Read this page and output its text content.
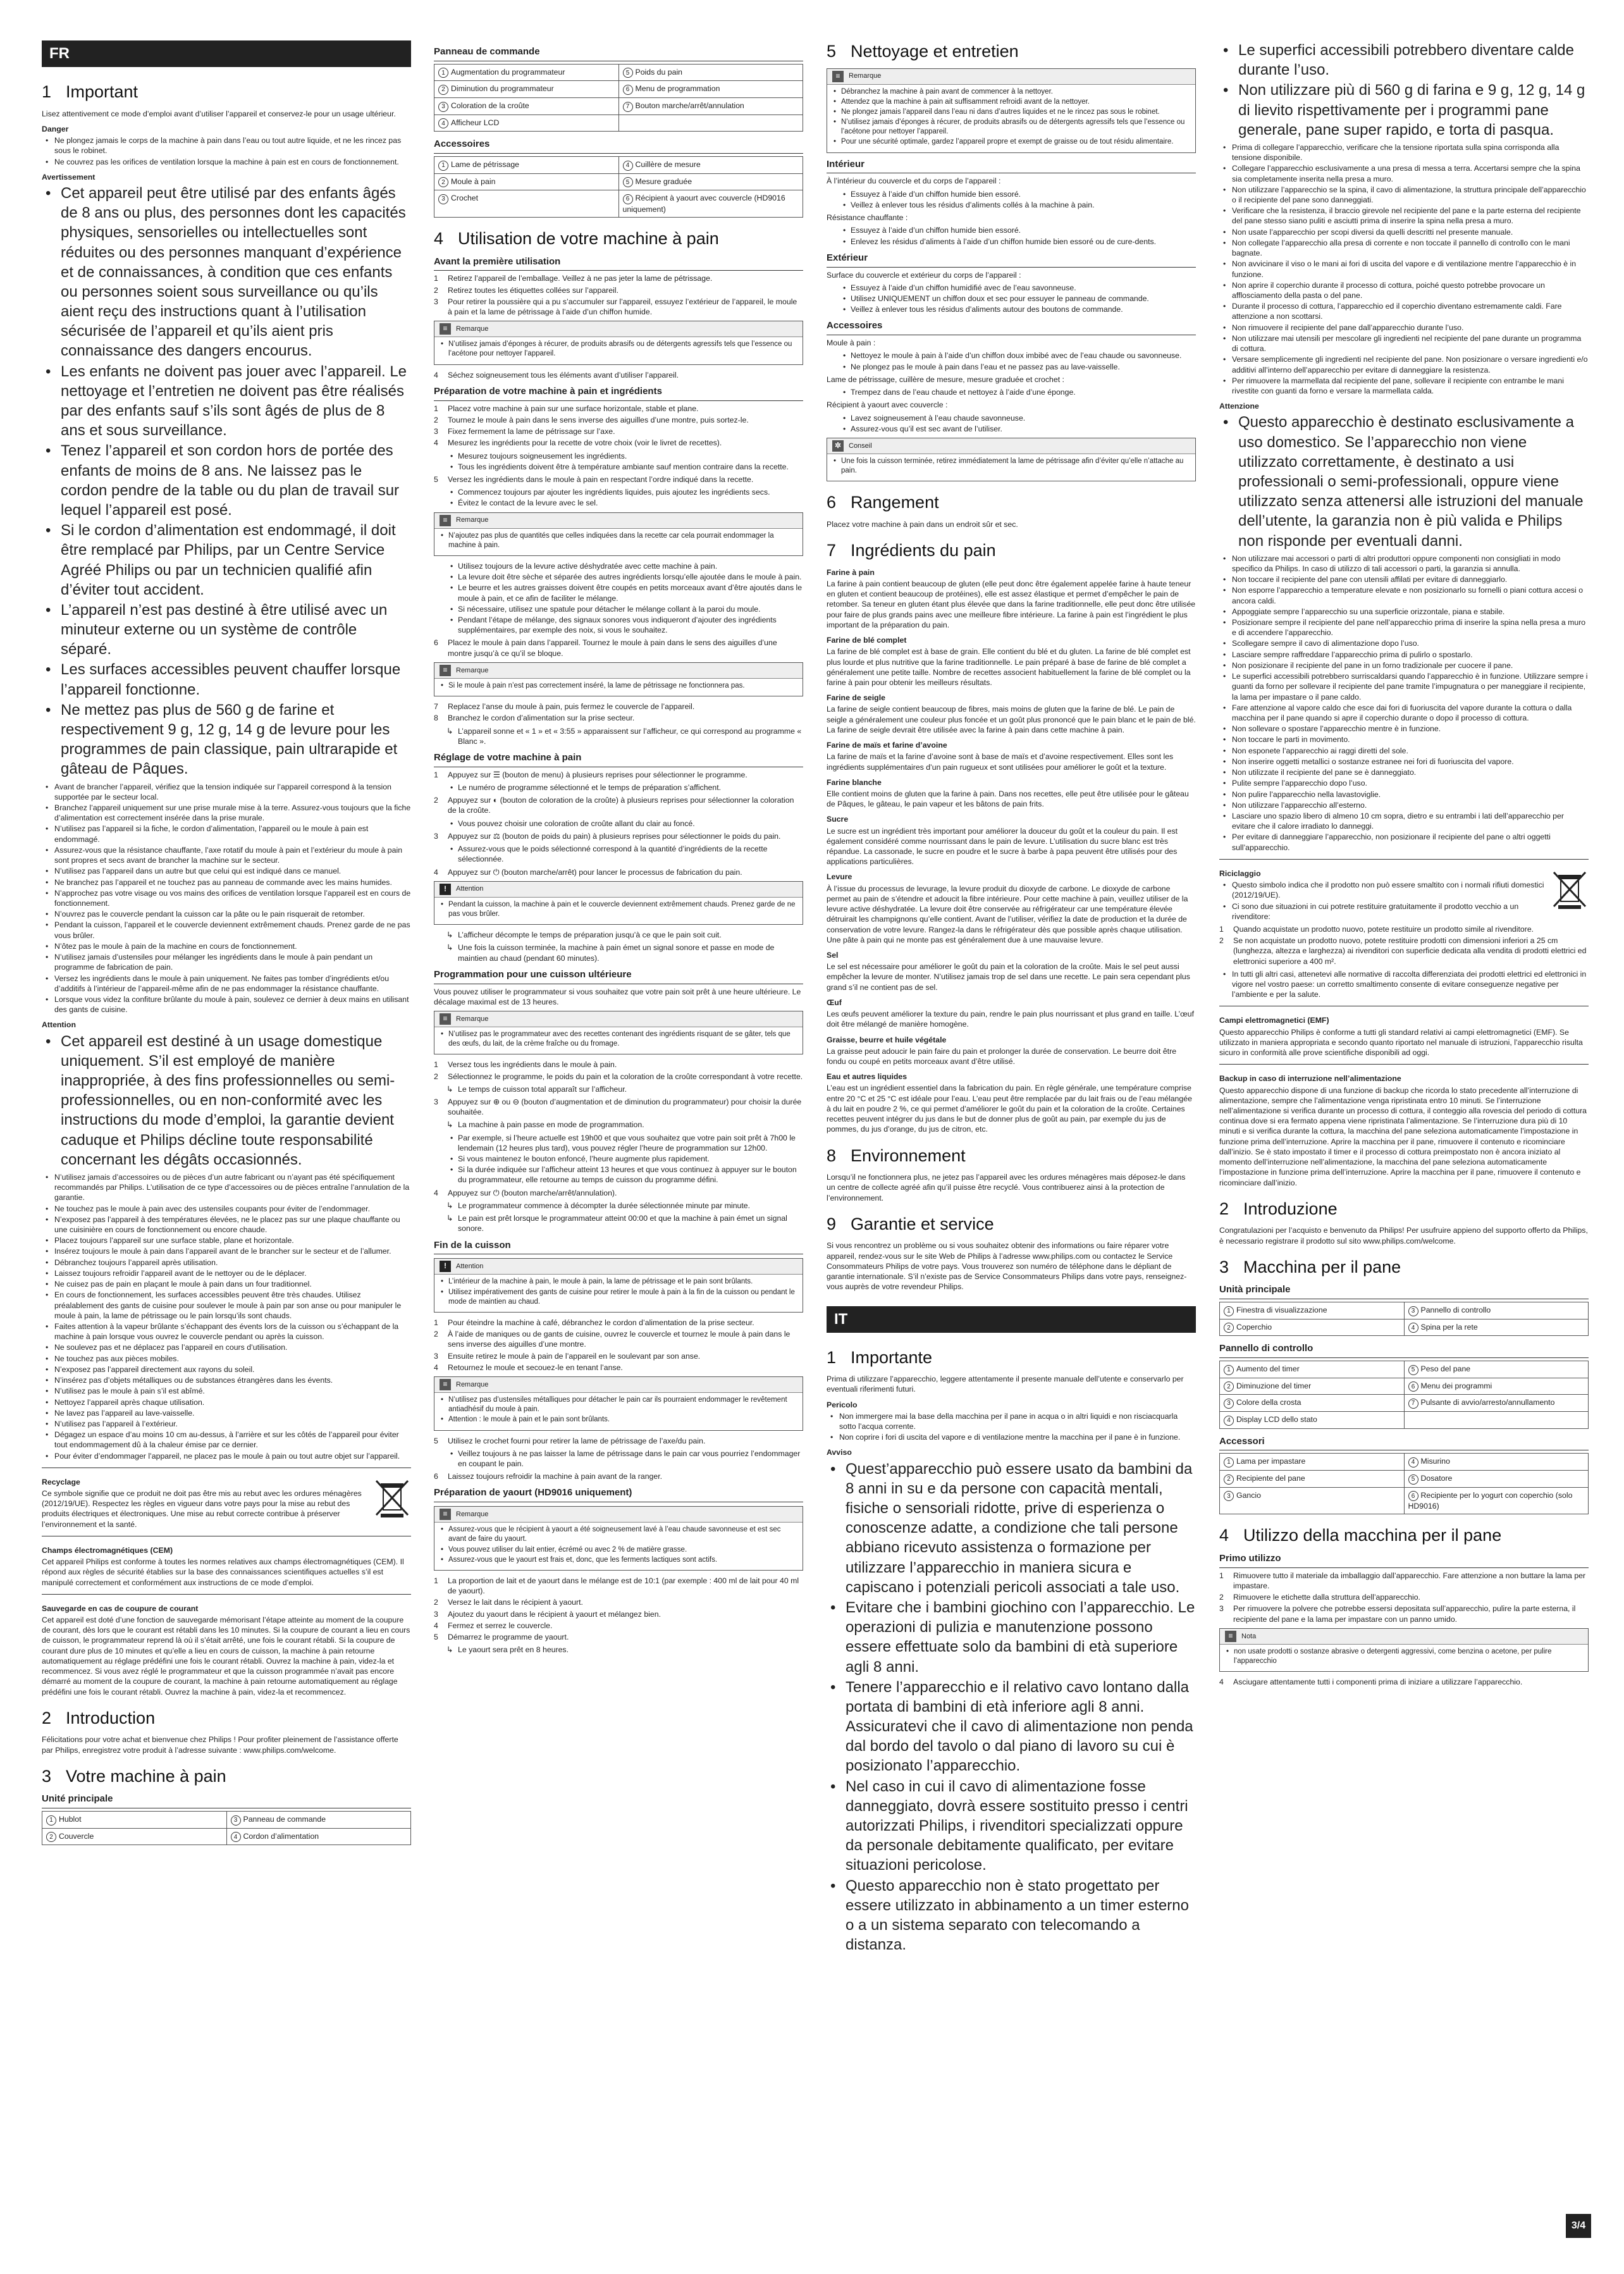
FR
1 Important

Lisez attentivement ce mode d’emploi avant d’utiliser l’appareil et conservez-le pour un usage ultérieur.

Danger
• Ne plongez jamais le corps de la machine à pain dans l’eau ou tout autre liquide, et ne les rincez pas sous le robinet.
• Ne couvrez pas les orifices de ventilation lorsque la machine à pain est en cours de fonctionnement.
Avertissement
• Cet appareil peut être utilisé par des enfants âgés de 8 ans ou plus, des personnes dont les capacités physiques, sensorielles ou intellectuelles sont réduites ou des personnes manquant d’expérience et de connaissances, à condition que ces enfants ou personnes soient sous surveillance ou qu’ils aient reçu des instructions quant à l’utilisation sécurisée de l’appareil et qu’ils aient pris connaissance des dangers encourus.
• Les enfants ne doivent pas jouer avec l’appareil. Le nettoyage et l’entretien ne doivent pas être réalisés par des enfants sauf s’ils sont âgés de plus de 8 ans et sous surveillance.
• Tenez l’appareil et son cordon hors de portée des enfants de moins de 8 ans. Ne laissez pas le cordon pendre de la table ou du plan de travail sur lequel l’appareil est posé.
• Si le cordon d’alimentation est endommagé, il doit être remplacé par Philips, par un Centre Service Agréé Philips ou par un technicien qualifié afin d’éviter tout accident.
• L’appareil n’est pas destiné à être utilisé avec un minuteur externe ou un système de contrôle séparé.
• Les surfaces accessibles peuvent chauffer lorsque l’appareil fonctionne.
• Ne mettez pas plus de 560 g de farine et respectivement 9 g, 12 g, 14 g de levure pour les programmes de pain classique, pain ultrarapide et gâteau de Pâques.
• Avant de brancher l’appareil, vérifiez que la tension indiquée sur l’appareil correspond à la tension supportée par le secteur local.
• Branchez l’appareil uniquement sur une prise murale mise à la terre. Assurez-vous toujours que la fiche d’alimentation est correctement insérée dans la prise murale.
• N’utilisez pas l’appareil si la fiche, le cordon d’alimentation, l’appareil ou le moule à pain est endommagé.
• Assurez-vous que la résistance chauffante, l’axe rotatif du moule à pain et l’extérieur du moule à pain sont propres et secs avant de brancher la machine sur le secteur.
• N’utilisez pas l’appareil dans un autre but que celui qui est indiqué dans ce manuel.
• Ne branchez pas l’appareil et ne touchez pas au panneau de commande avec les mains humides.
• N’approchez pas votre visage ou vos mains des orifices de ventilation lorsque l’appareil est en cours de fonctionnement.
• N’ouvrez pas le couvercle pendant la cuisson car la pâte ou le pain risquerait de retomber.
• Pendant la cuisson, l’appareil et le couvercle deviennent extrêmement chauds. Prenez garde de ne pas vous brûler.
• N’ôtez pas le moule à pain de la machine en cours de fonctionnement.
• N’utilisez jamais d’ustensiles pour mélanger les ingrédients dans le moule à pain pendant un programme de fabrication de pain.
• Versez les ingrédients dans le moule à pain uniquement. Ne faites pas tomber d’ingrédients et/ou d’additifs à l’intérieur de l’appareil-même afin de ne pas endommager la résistance chauffante.
• Lorsque vous videz la confiture brûlante du moule à pain, soulevez ce dernier à deux mains en utilisant des gants de cuisine.
Attention
• Cet appareil est destiné à un usage domestique uniquement. S’il est employé de manière inappropriée, à des fins professionnelles ou semi-professionnelles, ou en non-conformité avec les instructions du mode d’emploi, la garantie devient caduque et Philips décline toute responsabilité concernant les dégâts occasionnés.
• N’utilisez jamais d’accessoires ou de pièces d’un autre fabricant ou n’ayant pas été spécifiquement recommandés par Philips. L’utilisation de ce type d’accessoires ou de pièces entraîne l’annulation de la garantie.
• Ne touchez pas le moule à pain avec des ustensiles coupants pour éviter de l’endommager.
• N’exposez pas l’appareil à des températures élevées, ne le placez pas sur une plaque chauffante ou une cuisinière en cours de fonctionnement ou encore chaude.
• Placez toujours l’appareil sur une surface stable, plane et horizontale.
• Insérez toujours le moule à pain dans l’appareil avant de le brancher sur le secteur et de l’allumer.
• Débranchez toujours l’appareil après utilisation.
• Laissez toujours refroidir l’appareil avant de le nettoyer ou de le déplacer.
• Ne cuisez pas de pain en plaçant le moule à pain dans un four traditionnel.
• En cours de fonctionnement, les surfaces accessibles peuvent être très chaudes. Utilisez préalablement des gants de cuisine pour soulever le moule à pain par son anse ou pour manipuler le moule à pain, la lame de pétrissage ou le pain lorsqu’ils sont chauds.
• Faites attention à la vapeur brûlante s’échappant des évents lors de la cuisson ou s’échappant de la machine à pain lorsque vous ouvrez le couvercle pendant ou après la cuisson.
• Ne soulevez pas et ne déplacez pas l’appareil en cours d’utilisation.
• Ne touchez pas aux pièces mobiles.
• N’exposez pas l’appareil directement aux rayons du soleil.
• N’insérez pas d’objets métalliques ou de substances étrangères dans les évents.
• N’utilisez pas le moule à pain s’il est abîmé.
• Nettoyez l’appareil après chaque utilisation.
• Ne lavez pas l’appareil au lave-vaisselle.
• N’utilisez pas l’appareil à l’extérieur.
• Dégagez un espace d’au moins 10 cm au-dessus, à l’arrière et sur les côtés de l’appareil pour éviter tout endommagement dû à la chaleur émise par ce dernier.
• Pour éviter d’endommager l’appareil, ne placez pas le moule à pain ou tout autre objet sur l’appareil.
Recyclage

Ce symbole signifie que ce produit ne doit pas être mis au rebut avec les ordures ménagères (2012/19/UE). Respectez les règles en vigueur dans votre pays pour la mise au rebut des produits électriques et électroniques. Une mise au rebut correcte contribue à préserver l’environnement et la santé.

Champs électromagnétiques (CEM)

Cet appareil Philips est conforme à toutes les normes relatives aux champs électromagnétiques (CEM). Il répond aux règles de sécurité établies sur la base des connaissances scientifiques actuelles s’il est manipulé correctement et conformément aux instructions de ce mode d’emploi.

Sauvegarde en cas de coupure de courant

Cet appareil est doté d’une fonction de sauvegarde mémorisant l’étape atteinte au moment de la coupure de courant, dès lors que le courant est rétabli dans les 10 minutes. Si la coupure de courant a lieu en cours de cuisson, le programmateur reprend là où il s’était arrêté, une fois le courant rétabli. Si la coupure de courant dure plus de 10 minutes et qu’elle a lieu en cours de cuisson, la machine à pain retourne automatiquement au réglage prédéfini une fois le courant rétabli. Ouvrez la machine à pain, videz-la et recommencez. Si vous avez réglé le programmateur et que la cuisson programmée n’avait pas encore démarré au moment de la coupure de courant, la machine à pain retourne automatiquement au réglage prédéfini une fois le courant rétabli. Ouvrez la machine à pain, videz-la et recommencez.

2 Introduction

Félicitations pour votre achat et bienvenue chez Philips ! Pour profiter pleinement de l’assistance offerte par Philips, enregistrez votre produit à l’adresse suivante : www.philips.com/welcome.

3 Votre machine à pain
Unité principale
1 Hublot	3 Panneau de commande
2 Couvercle	4 Cordon d’alimentation
Panneau de commande
1 Augmentation du programmateur	5 Poids du pain
2 Diminution du programmateur	6 Menu de programmation
3 Coloration de la croûte	7 Bouton marche/arrêt/annulation
4 Afficheur LCD	
Accessoires
1 Lame de pétrissage	4 Cuillère de mesure
2 Moule à pain	5 Mesure graduée
3 Crochet	6 Récipient à yaourt avec couvercle (HD9016 uniquement)
4 Utilisation de votre machine à pain
Avant la première utilisation
1 Retirez l’appareil de l’emballage. Veillez à ne pas jeter la lame de pétrissage.
2 Retirez toutes les étiquettes collées sur l’appareil.
3 Pour retirer la poussière qui a pu s’accumuler sur l’appareil, essuyez l’extérieur de l’appareil, le moule à pain et la lame de pétrissage à l’aide d’un chiffon humide.
≡	Remarque
• N’utilisez jamais d’éponges à récurer, de produits abrasifs ou de détergents agressifs tels que l’essence ou l’acétone pour nettoyer l’appareil.
4 Séchez soigneusement tous les éléments avant d’utiliser l’appareil.
Préparation de votre machine à pain et ingrédients
1 Placez votre machine à pain sur une surface horizontale, stable et plane.
2 Tournez le moule à pain dans le sens inverse des aiguilles d’une montre, puis sortez-le.
3 Fixez fermement la lame de pétrissage sur l’axe.
4 Mesurez les ingrédients pour la recette de votre choix (voir le livret de recettes).
• Mesurez toujours soigneusement les ingrédients.
• Tous les ingrédients doivent être à température ambiante sauf mention contraire dans la recette.
5 Versez les ingrédients dans le moule à pain en respectant l’ordre indiqué dans la recette.
• Commencez toujours par ajouter les ingrédients liquides, puis ajoutez les ingrédients secs.
• Évitez le contact de la levure avec le sel.
≡	Remarque
• N’ajoutez pas plus de quantités que celles indiquées dans la recette car cela pourrait endommager la machine à pain.
• Utilisez toujours de la levure active déshydratée avec cette machine à pain.
• La levure doit être sèche et séparée des autres ingrédients lorsqu’elle ajoutée dans le moule à pain.
• Le beurre et les autres graisses doivent être coupés en petits morceaux avant d’être ajoutés dans le moule à pain, et ce afin de faciliter le mélange.
• Si nécessaire, utilisez une spatule pour détacher le mélange collant à la paroi du moule.
• Pendant l’étape de mélange, des signaux sonores vous indiqueront d’ajouter des ingrédients supplémentaires, par exemple des noix, si vous le souhaitez.
6 Placez le moule à pain dans l’appareil. Tournez le moule à pain dans le sens des aiguilles d’une montre jusqu’à ce qu’il se bloque.
≡	Remarque
• Si le moule à pain n’est pas correctement inséré, la lame de pétrissage ne fonctionnera pas.
7 Replacez l’anse du moule à pain, puis fermez le couvercle de l’appareil.
8 Branchez le cordon d’alimentation sur la prise secteur.

↳ L’appareil sonne et « 1 » et « 3:55 » apparaissent sur l’afficheur, ce qui correspond au programme « Blanc ».

Réglage de votre machine à pain
1 Appuyez sur ☰ (bouton de menu) à plusieurs reprises pour sélectionner le programme.
• Le numéro de programme sélectionné et le temps de préparation s’affichent.
2 Appuyez sur ◐ (bouton de coloration de la croûte) à plusieurs reprises pour sélectionner la coloration de la croûte.
• Vous pouvez choisir une coloration de croûte allant du clair au foncé.
3 Appuyez sur ⚖ (bouton de poids du pain) à plusieurs reprises pour sélectionner le poids du pain.
• Assurez-vous que le poids sélectionné correspond à la quantité d’ingrédients de la recette sélectionnée.
4 Appuyez sur ⏻ (bouton marche/arrêt) pour lancer le processus de fabrication du pain.
!	Attention
• Pendant la cuisson, la machine à pain et le couvercle deviennent extrêmement chauds. Prenez garde de ne pas vous brûler.

↳ L’afficheur décompte le temps de préparation jusqu’à ce que le pain soit cuit.

↳ Une fois la cuisson terminée, la machine à pain émet un signal sonore et passe en mode de maintien au chaud (pendant 60 minutes).

Programmation pour une cuisson ultérieure

Vous pouvez utiliser le programmateur si vous souhaitez que votre pain soit prêt à une heure ultérieure. Le décalage maximal est de 13 heures.

≡	Remarque
• N’utilisez pas le programmateur avec des recettes contenant des ingrédients risquant de se gâter, tels que des œufs, du lait, de la crème fraîche ou du fromage.
1 Versez tous les ingrédients dans le moule à pain.
2 Sélectionnez le programme, le poids du pain et la coloration de la croûte correspondant à votre recette.

↳ Le temps de cuisson total apparaît sur l’afficheur.

3 Appuyez sur ⊕ ou ⊖ (bouton d’augmentation et de diminution du programmateur) pour choisir la durée souhaitée.

↳ La machine à pain passe en mode de programmation.

• Par exemple, si l’heure actuelle est 19h00 et que vous souhaitez que votre pain soit prêt à 7h00 le lendemain (12 heures plus tard), vous pouvez régler l’heure de programmation sur 12h00.
• Si vous maintenez le bouton enfoncé, l’heure augmente plus rapidement.
• Si la durée indiquée sur l’afficheur atteint 13 heures et que vous continuez à appuyer sur le bouton du programmateur, elle retourne au temps de cuisson du programme défini.
4 Appuyez sur ⏻ (bouton marche/arrêt/annulation).

↳ Le programmateur commence à décompter la durée sélectionnée minute par minute.

↳ Le pain est prêt lorsque le programmateur atteint 00:00 et que la machine à pain émet un signal sonore.

Fin de la cuisson
!	Attention
• L’intérieur de la machine à pain, le moule à pain, la lame de pétrissage et le pain sont brûlants.
• Utilisez impérativement des gants de cuisine pour retirer le moule à pain à la fin de la cuisson ou pendant le mode de maintien au chaud.
1 Pour éteindre la machine à café, débranchez le cordon d’alimentation de la prise secteur.
2 À l’aide de maniques ou de gants de cuisine, ouvrez le couvercle et tournez le moule à pain dans le sens inverse des aiguilles d’une montre.
3 Ensuite retirez le moule à pain de l’appareil en le soulevant par son anse.
4 Retournez le moule et secouez-le en tenant l’anse.
≡	Remarque
• N’utilisez pas d’ustensiles métalliques pour détacher le pain car ils pourraient endommager le revêtement antiadhésif du moule à pain.
• Attention : le moule à pain et le pain sont brûlants.
5 Utilisez le crochet fourni pour retirer la lame de pétrissage de l’axe/du pain.
• Veillez toujours à ne pas laisser la lame de pétrissage dans le pain car vous pourriez l’endommager en coupant le pain.
6 Laissez toujours refroidir la machine à pain avant de la ranger.
Préparation de yaourt (HD9016 uniquement)
≡	Remarque
• Assurez-vous que le récipient à yaourt a été soigneusement lavé à l’eau chaude savonneuse et est sec avant de faire du yaourt.
• Vous pouvez utiliser du lait entier, écrémé ou avec 2 % de matière grasse.
• Assurez-vous que le yaourt est frais et, donc, que les ferments lactiques sont actifs.
1 La proportion de lait et de yaourt dans le mélange est de 10:1 (par exemple : 400 ml de lait pour 40 ml de yaourt).
2 Versez le lait dans le récipient à yaourt.
3 Ajoutez du yaourt dans le récipient à yaourt et mélangez bien.
4 Fermez et serrez le couvercle.
5 Démarrez le programme de yaourt.

↳ Le yaourt sera prêt en 8 heures.

5 Nettoyage et entretien
≡	Remarque
• Débranchez la machine à pain avant de commencer à la nettoyer.
• Attendez que la machine à pain ait suffisamment refroidi avant de la nettoyer.
• Ne plongez jamais l’appareil dans l’eau ni dans d’autres liquides et ne le rincez pas sous le robinet.
• N’utilisez jamais d’éponges à récurer, de produits abrasifs ou de détergents agressifs tels que l’essence ou l’acétone pour nettoyer l’appareil.
• Pour une sécurité optimale, gardez l’appareil propre et exempt de graisse ou de tout résidu alimentaire.
Intérieur

À l’intérieur du couvercle et du corps de l’appareil :

• Essuyez à l’aide d’un chiffon humide bien essoré.
• Veillez à enlever tous les résidus d’aliments collés à la machine à pain.

Résistance chauffante :

• Essuyez à l’aide d’un chiffon humide bien essoré.
• Enlevez les résidus d’aliments à l’aide d’un chiffon humide bien essoré ou de cure-dents.
Extérieur

Surface du couvercle et extérieur du corps de l’appareil :

• Essuyez à l’aide d’un chiffon humidifié avec de l’eau savonneuse.
• Utilisez UNIQUEMENT un chiffon doux et sec pour essuyer le panneau de commande.
• Veillez à enlever tous les résidus d’aliments autour des boutons de commande.
Accessoires

Moule à pain :

• Nettoyez le moule à pain à l’aide d’un chiffon doux imbibé avec de l’eau chaude ou savonneuse.
• Ne plongez pas le moule à pain dans l’eau et ne passez pas au lave-vaisselle.

Lame de pétrissage, cuillère de mesure, mesure graduée et crochet :

• Trempez dans de l’eau chaude et nettoyez à l’aide d’une éponge.

Récipient à yaourt avec couvercle :

• Lavez soigneusement à l’eau chaude savonneuse.
• Assurez-vous qu’il est sec avant de l’utiliser.
✲	Conseil
• Une fois la cuisson terminée, retirez immédiatement la lame de pétrissage afin d’éviter qu’elle n’attache au pain.
6 Rangement

Placez votre machine à pain dans un endroit sûr et sec.

7 Ingrédients du pain
Farine à pain

La farine à pain contient beaucoup de gluten (elle peut donc être également appelée farine à haute teneur en gluten et contient beaucoup de protéines), elle est assez élastique et permet d’empêcher le pain de retomber. Sa teneur en gluten étant plus élevée que dans la farine traditionnelle, elle peut donc être utilisée pour faire de plus grands pains avec une meilleure fibre intérieure. La farine à pain est l’ingrédient le plus important de la préparation du pain.

Farine de blé complet

La farine de blé complet est à base de grain. Elle contient du blé et du gluten. La farine de blé complet est plus lourde et plus nutritive que la farine traditionnelle. Le pain préparé à base de farine de blé complet a généralement une petite taille. Nombre de recettes associent habituellement la farine de blé complet ou la farine à pain pour obtenir les meilleurs résultats.

Farine de seigle

La farine de seigle contient beaucoup de fibres, mais moins de gluten que la farine de blé. Le pain de seigle a généralement une couleur plus foncée et un goût plus prononcé que le pain blanc et le pain de blé. La farine de seigle devrait être utilisée avec la farine à pain dans cette machine à pain.

Farine de maïs et farine d’avoine

La farine de maïs et la farine d’avoine sont à base de maïs et d’avoine respectivement. Elles sont les ingrédients supplémentaires d’un pain rugueux et sont utilisées pour améliorer le goût et la texture.

Farine blanche

Elle contient moins de gluten que la farine à pain. Dans nos recettes, elle peut être utilisée pour le gâteau de Pâques, le gâteau, le pain vapeur et les bâtons de pain frits.

Sucre

Le sucre est un ingrédient très important pour améliorer la douceur du goût et la couleur du pain. Il est également considéré comme nourrissant dans le pain de levure. L’utilisation du sucre blanc est très répandue. La cassonade, le sucre en poudre et le sucre à barbe à papa peuvent être utilisés pour des applications particulières.

Levure

À l’issue du processus de levurage, la levure produit du dioxyde de carbone. Le dioxyde de carbone permet au pain de s’étendre et adoucit la fibre intérieure. Pour cette machine à pain, veuillez utiliser de la levure active déshydratée. La levure doit être conservée au réfrigérateur car une température élevée détruirait les champignons qu’elle contient. Avant de l’utiliser, vérifiez la date de production et la durée de conservation de votre levure. Rangez-la dans le réfrigérateur dès que possible après chaque utilisation. Une pâte à pain qui ne monte pas est généralement due à une mauvaise levure.

Sel

Le sel est nécessaire pour améliorer le goût du pain et la coloration de la croûte. Mais le sel peut aussi empêcher la levure de monter. N’utilisez jamais trop de sel dans une recette. Le pain sera cependant plus grand s’il ne contient pas de sel.

Œuf

Les œufs peuvent améliorer la texture du pain, rendre le pain plus nourrissant et plus grand en taille. L’œuf doit être mélangé de manière homogène.

Graisse, beurre et huile végétale

La graisse peut adoucir le pain faire du pain et prolonger la durée de conservation. Le beurre doit être fondu ou coupé en petits morceaux avant d’être utilisé.

Eau et autres liquides

L’eau est un ingrédient essentiel dans la fabrication du pain. En règle générale, une température comprise entre 20 °C et 25 °C est idéale pour l’eau. L’eau peut être remplacée par du lait frais ou de l’eau mélangée à du lait en poudre 2 %, ce qui permet d’améliorer le goût du pain et la coloration de la croûte. Certaines recettes peuvent intégrer du jus dans le but de donner plus de goût au pain, par exemple du jus de pommes, du jus d’orange, du jus de citron, etc.

8 Environnement

Lorsqu’il ne fonctionnera plus, ne jetez pas l’appareil avec les ordures ménagères mais déposez-le dans un centre de collecte agréé afin qu’il puisse être recyclé. Vous contribuerez ainsi à la protection de l’environnement.

9 Garantie et service

Si vous rencontrez un problème ou si vous souhaitez obtenir des informations ou faire réparer votre appareil, rendez-vous sur le site Web de Philips à l’adresse www.philips.com ou contactez le Service Consommateurs Philips de votre pays. Vous trouverez son numéro de téléphone dans le dépliant de garantie internationale. S’il n’existe pas de Service Consommateurs Philips dans votre pays, renseignez-vous auprès de votre revendeur Philips.

IT
1 Importante

Prima di utilizzare l’apparecchio, leggere attentamente il presente manuale dell’utente e conservarlo per eventuali riferimenti futuri.

Pericolo
• Non immergere mai la base della macchina per il pane in acqua o in altri liquidi e non risciacquarla sotto l’acqua corrente.
• Non coprire i fori di uscita del vapore e di ventilazione mentre la macchina per il pane è in funzione.
Avviso
• Quest’apparecchio può essere usato da bambini da 8 anni in su e da persone con capacità mentali, fisiche o sensoriali ridotte, prive di esperienza o conoscenze adatte, a condizione che tali persone abbiano ricevuto assistenza o formazione per utilizzare l’apparecchio in maniera sicura e capiscano i potenziali pericoli associati a tale uso.
• Evitare che i bambini giochino con l’apparecchio. Le operazioni di pulizia e manutenzione possono essere effettuate solo da bambini di età superiore agli 8 anni.
• Tenere l’apparecchio e il relativo cavo lontano dalla portata di bambini di età inferiore agli 8 anni. Assicuratevi che il cavo di alimentazione non penda dal bordo del tavolo o dal piano di lavoro su cui è posizionato l’apparecchio.
• Nel caso in cui il cavo di alimentazione fosse danneggiato, dovrà essere sostituito presso i centri autorizzati Philips, i rivenditori specializzati oppure da personale debitamente qualificato, per evitare situazioni pericolose.
• Questo apparecchio non è stato progettato per essere utilizzato in abbinamento a un timer esterno o a un sistema separato con telecomando a distanza.
• Le superfici accessibili potrebbero diventare calde durante l’uso.
• Non utilizzare più di 560 g di farina e 9 g, 12 g, 14 g di lievito rispettivamente per i programmi pane generale, pane super rapido, e torta di pasqua.
• Prima di collegare l’apparecchio, verificare che la tensione riportata sulla spina corrisponda alla tensione disponibile.
• Collegare l’apparecchio esclusivamente a una presa di messa a terra. Accertarsi sempre che la spina sia completamente inserita nella presa a muro.
• Non utilizzare l’apparecchio se la spina, il cavo di alimentazione, la struttura principale dell’apparecchio o il recipiente del pane sono danneggiati.
• Verificare che la resistenza, il braccio girevole nel recipiente del pane e la parte esterna del recipiente del pane stesso siano puliti e asciutti prima di inserire la spina nella presa a muro.
• Non usate l’apparecchio per scopi diversi da quelli descritti nel presente manuale.
• Non collegate l’apparecchio alla presa di corrente e non toccate il pannello di controllo con le mani bagnate.
• Non avvicinare il viso o le mani ai fori di uscita del vapore e di ventilazione mentre l’apparecchio è in funzione.
• Non aprire il coperchio durante il processo di cottura, poiché questo potrebbe provocare un afflosciamento della pasta o del pane.
• Durante il processo di cottura, l’apparecchio ed il coperchio diventano estremamente caldi. Fare attenzione a non scottarsi.
• Non rimuovere il recipiente del pane dall’apparecchio durante l’uso.
• Non utilizzare mai utensili per mescolare gli ingredienti nel recipiente del pane durante un programma di cottura.
• Versare semplicemente gli ingredienti nel recipiente del pane. Non posizionare o versare ingredienti e/o additivi all’interno dell’apparecchio per evitare di danneggiare la resistenza.
• Per rimuovere la marmellata dal recipiente del pane, sollevare il recipiente con entrambe le mani rivestite con guanti da forno e versare la marmellata calda.
Attenzione
• Questo apparecchio è destinato esclusivamente a uso domestico. Se l’apparecchio non viene utilizzato correttamente, è destinato a usi professionali o semi-professionali, oppure viene utilizzato senza attenersi alle istruzioni del manuale dell’utente, la garanzia non è più valida e Philips non risponde per eventuali danni.
• Non utilizzare mai accessori o parti di altri produttori oppure componenti non consigliati in modo specifico da Philips. In caso di utilizzo di tali accessori o parti, la garanzia si annulla.
• Non toccare il recipiente del pane con utensili affilati per evitare di danneggiarlo.
• Non esporre l’apparecchio a temperature elevate e non posizionarlo su fornelli o piani cottura accesi o ancora caldi.
• Appoggiate sempre l’apparecchio su una superficie orizzontale, piana e stabile.
• Posizionare sempre il recipiente del pane nell’apparecchio prima di inserire la spina nella presa a muro e di accendere l’apparecchio.
• Scollegare sempre il cavo di alimentazione dopo l’uso.
• Lasciare sempre raffreddare l’apparecchio prima di pulirlo o spostarlo.
• Non posizionare il recipiente del pane in un forno tradizionale per cuocere il pane.
• Le superfici accessibili potrebbero surriscaldarsi quando l’apparecchio è in funzione. Utilizzare sempre i guanti da forno per sollevare il recipiente del pane tramite l’impugnatura o per maneggiare il recipiente, la lama per impastare o il pane caldo.
• Fare attenzione al vapore caldo che esce dai fori di fuoriuscita del vapore durante la cottura o dalla macchina per il pane quando si apre il coperchio durante o dopo il processo di cottura.
• Non sollevare o spostare l’apparecchio mentre è in funzione.
• Non toccare le parti in movimento.
• Non esponete l’apparecchio ai raggi diretti del sole.
• Non inserire oggetti metallici o sostanze estranee nei fori di fuoriuscita del vapore.
• Non utilizzate il recipiente del pane se è danneggiato.
• Pulite sempre l’apparecchio dopo l’uso.
• Non pulire l’apparecchio nella lavastoviglie.
• Non utilizzare l’apparecchio all’esterno.
• Lasciare uno spazio libero di almeno 10 cm sopra, dietro e su entrambi i lati dell’apparecchio per evitare che il calore irradiato lo danneggi.
• Per evitare di danneggiare l’apparecchio, non posizionare il recipiente del pane o altri oggetti sull’apparecchio.
Riciclaggio
• Questo simbolo indica che il prodotto non può essere smaltito con i normali rifiuti domestici (2012/19/UE).
• Ci sono due situazioni in cui potrete restituire gratuitamente il prodotto vecchio a un rivenditore:
1 Quando acquistate un prodotto nuovo, potete restituire un prodotto simile al rivenditore.
2 Se non acquistate un prodotto nuovo, potete restituire prodotti con dimensioni inferiori a 25 cm (lunghezza, altezza e larghezza) ai rivenditori con superficie dedicata alla vendita di prodotti elettrici ed elettronici superiore a 400 m².
• In tutti gli altri casi, attenetevi alle normative di raccolta differenziata dei prodotti elettrici ed elettronici in vigore nel vostro paese: un corretto smaltimento consente di evitare conseguenze negative per l’ambiente e per la salute.
Campi elettromagnetici (EMF)

Questo apparecchio Philips è conforme a tutti gli standard relativi ai campi elettromagnetici (EMF). Se utilizzato in maniera appropriata e secondo quanto riportato nel manuale di istruzioni, l’apparecchio risulta sicuro in conformità alle prove scientifiche disponibili ad oggi.

Backup in caso di interruzione nell’alimentazione

Questo apparecchio dispone di una funzione di backup che ricorda lo stato precedente all’interruzione di alimentazione, sempre che l’alimentazione venga ripristinata entro 10 minuti. Se l’interruzione nell’alimentazione si verifica durante un processo di cottura, il conteggio alla rovescia del periodo di cottura continua dove si era fermato appena viene ripristinata l’alimentazione. Se l’interruzione dura più di 10 minuti e si verifica durante la cottura, la macchina del pane seleziona automaticamente l’impostazione in funzione prima dell’interruzione. Aprire la macchina per il pane, rimuovere il contenuto e ricominciare dall’inizio. Se è stato impostato il timer e il processo di cottura preimpostato non è ancora iniziato al momento dell’interruzione nell’alimentazione, la macchina del pane seleziona automaticamente l’impostazione in funzione prima dell’interruzione. Aprire la macchina per il pane, rimuovere il contenuto e ricominciare dall’inizio.

2 Introduzione

Congratulazioni per l’acquisto e benvenuto da Philips! Per usufruire appieno del supporto offerto da Philips, è necessario registrare il prodotto sul sito www.philips.com/welcome.

3 Macchina per il pane
Unità principale
1 Finestra di visualizzazione	3 Pannello di controllo
2 Coperchio	4 Spina per la rete
Pannello di controllo
1 Aumento del timer	5 Peso del pane
2 Diminuzione del timer	6 Menu dei programmi
3 Colore della crosta	7 Pulsante di avvio/arresto/annullamento
4 Display LCD dello stato	
Accessori
1 Lama per impastare	4 Misurino
2 Recipiente del pane	5 Dosatore
3 Gancio	6 Recipiente per lo yogurt con coperchio (solo HD9016)
4 Utilizzo della macchina per il pane
Primo utilizzo
1 Rimuovere tutto il materiale da imballaggio dall’apparecchio. Fare attenzione a non buttare la lama per impastare.
2 Rimuovere le etichette dalla struttura dell’apparecchio.
3 Per rimuovere la polvere che potrebbe essersi depositata sull’apparecchio, pulire la parte esterna, il recipiente del pane e la lama per impastare con un panno umido.
≡	Nota
• non usate prodotti o sostanze abrasive o detergenti aggressivi, come benzina o acetone, per pulire l’apparecchio
4 Asciugare attentamente tutti i componenti prima di iniziare a utilizzare l’apparecchio.
3/4
